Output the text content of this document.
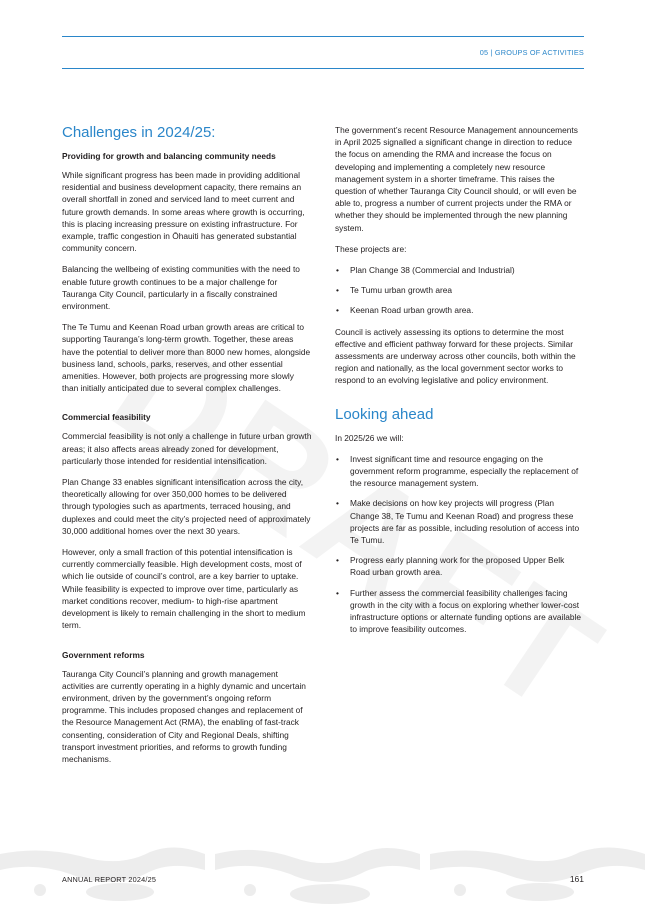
05 | GROUPS OF ACTIVITIES
Challenges in 2024/25:
Providing for growth and balancing community needs

While significant progress has been made in providing additional residential and business development capacity, there remains an overall shortfall in zoned and serviced land to meet current and future growth demands. In some areas where growth is occurring, this is placing increasing pressure on existing infrastructure. For example, traffic congestion in Ōhauiti has generated substantial community concern.

Balancing the wellbeing of existing communities with the need to enable future growth continues to be a major challenge for Tauranga City Council, particularly in a fiscally constrained environment.

The Te Tumu and Keenan Road urban growth areas are critical to supporting Tauranga’s long-term growth. Together, these areas have the potential to deliver more than 8000 new homes, alongside business land, schools, parks, reserves, and other essential amenities. However, both projects are progressing more slowly than initially anticipated due to several complex challenges.

Commercial feasibility

Commercial feasibility is not only a challenge in future urban growth areas; it also affects areas already zoned for development, particularly those intended for residential intensification.

Plan Change 33 enables significant intensification across the city, theoretically allowing for over 350,000 homes to be delivered through typologies such as apartments, terraced housing, and duplexes and could meet the city’s projected need of approximately 30,000 additional homes over the next 30 years.

However, only a small fraction of this potential intensification is currently commercially feasible. High development costs, most of which lie outside of council’s control, are a key barrier to uptake. While feasibility is expected to improve over time, particularly as market conditions recover, medium- to high-rise apartment development is likely to remain challenging in the short to medium term.

Government reforms

Tauranga City Council’s planning and growth management activities are currently operating in a highly dynamic and uncertain environment, driven by the government’s ongoing reform programme. This includes proposed changes and replacement of the Resource Management Act (RMA), the enabling of fast-track consenting, consideration of City and Regional Deals, shifting transport investment priorities, and reforms to growth funding mechanisms.

The government’s recent Resource Management announcements in April 2025 signalled a significant change in direction to reduce the focus on amending the RMA and increase the focus on developing and implementing a completely new resource management system in a shorter timeframe. This raises the question of whether Tauranga City Council should, or will even be able to, progress a number of current projects under the RMA or whether they should be implemented through the new planning system.

These projects are:

• Plan Change 38 (Commercial and Industrial)
• Te Tumu urban growth area
• Keenan Road urban growth area.

Council is actively assessing its options to determine the most effective and efficient pathway forward for these projects. Similar assessments are underway across other councils, both within the region and nationally, as the local government sector works to respond to an evolving legislative and policy environment.

Looking ahead

In 2025/26 we will:

• Invest significant time and resource engaging on the government reform programme, especially the replacement of the resource management system.
• Make decisions on how key projects will progress (Plan Change 38, Te Tumu and Keenan Road) and progress these projects are far as possible, including resolution of access into Te Tumu.
• Progress early planning work for the proposed Upper Belk Road urban growth area.
• Further assess the commercial feasibility challenges facing growth in the city with a focus on exploring whether lower-cost infrastructure options or alternate funding options are available to improve feasibility outcomes.
ANNUAL REPORT 2024/25	161
